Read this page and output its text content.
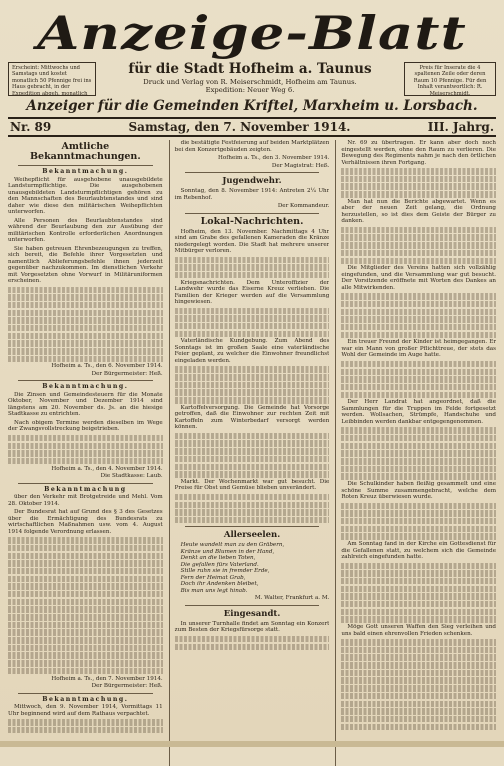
Anzeige-Blatt
Erscheint: Mittwochs und Samstags und kostet monatlich 50 Pfennige frei ins Haus gebracht, in der Expedition abgeh. monatlich
für die Stadt Hofheim a. Taunus
Druck und Verlag von R. Meiserschmidt, Hofheim am Taunus.
Expedition: Neuer Weg 6.
Preis für Inserate die 4 spaltenen Zeile oder deren Raum 10 Pfennige. Für den Inhalt verantwortlich: R. Meiserschmidt.
Anzeiger für die Gemeinden Kriftel, Marxheim u. Lorsbach.
Nr. 89	Samstag, den 7. November 1914.	III. Jahrg.
Amtliche Bekanntmachungen.
Bekanntmachung.

Weihepflicht für ausgehobene unausgebildete Landsturmpflichtige. Die ausgehobenen unausgebildeten Landsturmpflichtigen gehören zu den Mannschaften des Beurlaubtenstandes und sind daher wie diese den militärischen Weihepflichten unterworfen.

Alle Personen des Beurlaubtenstandes sind während der Beurlaubung den zur Ausübung der militärischen Kontrolle erforderlichen Anordnungen unterworfen.

Sie haben getreuen Ehrenbezeugungen zu treffen, sich bereit, die Befehle ihrer Vorgesetzten und namentlich Ablieferungsbefehle ihnen jederzeit gegenüber nachzukommen. Im dienstlichen Verkehr mit Vorgesetzten ohne Vorwurf in Militäruniformen erscheinen.

Hofheim a. Ts., den 6. November 1914.

Der Bürgermeister: Heß.

Bekanntmachung.

Die Zinsen und Gemeindesteuern für die Monate Oktober, November und Dezember 1914 sind längstens am 20. November ds. Js. an die hiesige Stadtkasse zu entrichten.

Nach obigem Termine werden dieselben im Wege der Zwangsvollstreckung beigetrieben.

Hofheim a. Ts., den 4. November 1914.

Die Stadtkasse: Laub.

Bekanntmachung

über den Verkehr mit Brotgetreide und Mehl. Vom 28. Oktober 1914.

Der Bundesrat hat auf Grund des § 3 des Gesetzes über die Ermächtigung des Bundesrats zu wirtschaftlichen Maßnahmen usw. vom 4. August 1914 folgende Verordnung erlassen.

Hofheim a. Ts., den 7. November 1914.

Der Bürgermeister: Heß.

Bekanntmachung.

Mittwoch, den 9. November 1914, Vormittags 11 Uhr beginnend wird auf dem Rathaus verpachtet.

die bestätigte Festfeierung auf beiden Marktplätzen bei den Konzertgebäuden zeigten.

Hofheim a. Ts., den 3. November 1914.

Der Magistrat: Heß.

Jugendwehr.

Sonntag, den 8. November 1914: Antreten 2¼ Uhr im Rebenhof.

Der Kommandeur.

Lokal-Nachrichten.

Hofheim, den 13. November. Nachmittags 4 Uhr sind am Grabe des gefallenen Kameraden die Kränze niedergelegt worden. Die Stadt hat mehrere unserer Mitbürger verloren.

Kriegsnachrichten. Dem Unteroffizier der Landwehr wurde das Eiserne Kreuz verliehen. Die Familien der Krieger werden auf die Versammlung hingewiesen.

Vaterländische Kundgebung. Zum Abend des Sonntags ist im großen Saale eine vaterländische Feier geplant, zu welcher die Einwohner freundlichst eingeladen werden.

Kartoffelversorgung. Die Gemeinde hat Vorsorge getroffen, daß die Einwohner zur rechten Zeit mit Kartoffeln zum Winterbedarf versorgt werden können.

Markt. Der Wochenmarkt war gut besucht. Die Preise für Obst und Gemüse blieben unverändert.

Allerseelen.
Heute wandelt man zu den Gräbern,
Kränze und Blumen in der Hand,
Denkt an die lieben Toten,
Die gefallen fürs Vaterland.
Stille ruhn sie in fremder Erde,
Fern der Heimat Grab,
Doch ihr Andenken bleibet,
Bis man uns legt hinab.

M. Walter, Frankfurt a. M.

Eingesandt.

In unserer Turnhalle findet am Sonntag ein Konzert zum Besten der Kriegsfürsorge statt.

Nr. 69 zu übertragen. Er kann aber doch noch eingestellt werden, ohne den Raum zu verlieren. Die Bewegung des Regiments nahm je nach den örtlichen Verhältnissen ihren Fortgang.

Man hat nun die Berichte abgewartet. Wenn es aber der neuen Zeit gelang, die Ordnung herzustellen, so ist dies dem Geiste der Bürger zu danken.

Die Mitglieder des Vereins hatten sich vollzählig eingefunden, und die Versammlung war gut besucht. Der Vorsitzende eröffnete mit Worten des Dankes an alle Mitwirkenden.

Ein treuer Freund der Kinder ist heimgegangen. Er war ein Mann von großer Pflichttreue, der stets das Wohl der Gemeinde im Auge hatte.

Der Herr Landrat hat angeordnet, daß die Sammlungen für die Truppen im Felde fortgesetzt werden. Wollsachen, Strümpfe, Handschuhe und Leibbinden werden dankbar entgegengenommen.

Die Schulkinder haben fleißig gesammelt und eine schöne Summe zusammengebracht, welche dem Roten Kreuz überwiesen wurde.

Am Sonntag fand in der Kirche ein Gottesdienst für die Gefallenen statt, zu welchem sich die Gemeinde zahlreich eingefunden hatte.

Möge Gott unseren Waffen den Sieg verleihen und uns bald einen ehrenvollen Frieden schenken.
